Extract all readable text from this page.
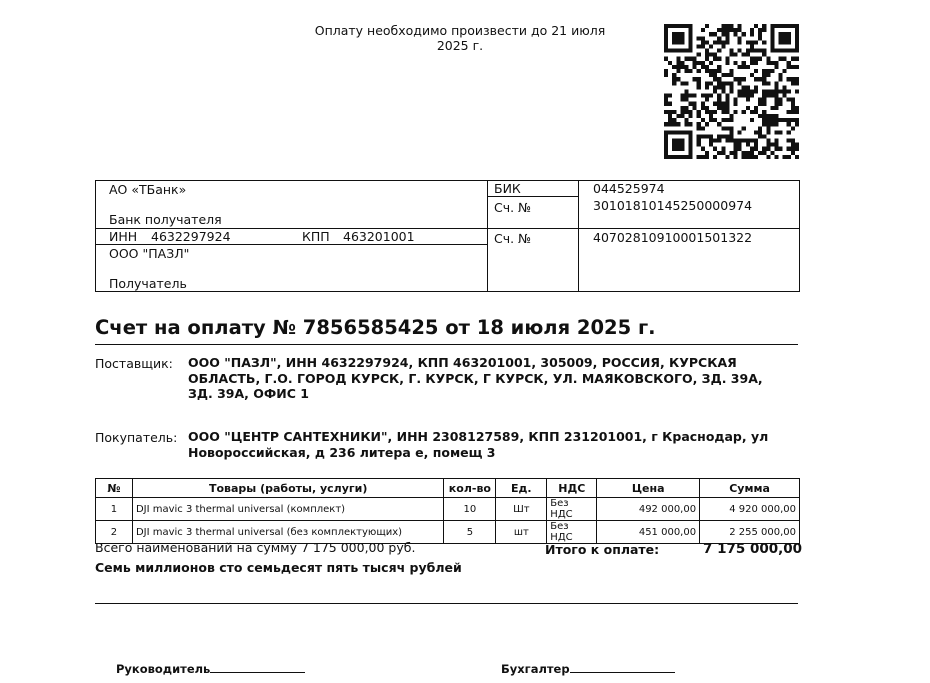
Оплату необходимо произвести до 21 июля
2025 г.
АО «ТБанк»
Банк получателя
БИК	044525974
Сч. №	30101810145250000974
ИНН 4632297924	КПП 463201001	Сч. №	40702810910001501322
ООО "ПАЗЛ"
Получатель
Счет на оплату № 7856585425 от 18 июля 2025 г.
Поставщик: ООО "ПАЗЛ", ИНН 4632297924, КПП 463201001, 305009, РОССИЯ, КУРСКАЯ ОБЛАСТЬ, Г.О. ГОРОД КУРСК, Г. КУРСК, Г КУРСК, УЛ. МАЯКОВСКОГО, ЗД. 39А, ЗД. 39А, ОФИС 1
Покупатель: ООО "ЦЕНТР САНТЕХНИКИ", ИНН 2308127589, КПП 231201001, г Краснодар, ул Новороссийская, д 236 литера е, помещ 3
№	Товары (работы, услуги)	кол-во	Ед.	НДС	Цена	Сумма
1	DJI mavic 3 thermal universal (комплект)	10	Шт	Без НДС	492 000,00	4 920 000,00
2	DJI mavic 3 thermal universal (без комплектующих)	5	шт	Без НДС	451 000,00	2 255 000,00
Всего наименований на сумму 7 175 000,00 руб.	Итого к оплате:	7 175 000,00
Семь миллионов сто семьдесят пять тысяч рублей
Руководитель	Бухгалтер
